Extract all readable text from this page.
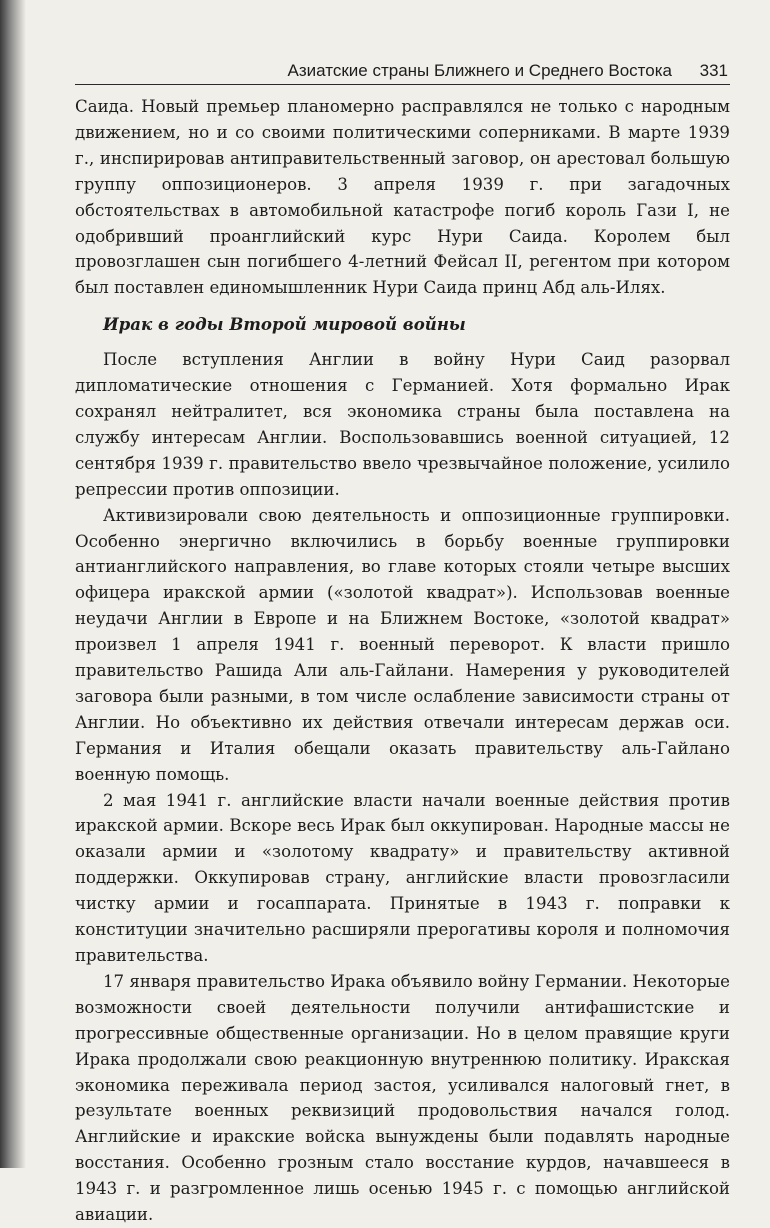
Азиатские страны Ближнего и Среднего Востока 331

Саида. Новый премьер планомерно расправлялся не только с народным движением, но и со своими политическими соперниками. В марте 1939 г., инспирировав антиправительственный заговор, он арестовал большую группу оппозиционеров. 3 апреля 1939 г. при загадочных обстоятельствах в автомобильной катастрофе погиб король Гази I, не одобривший проанглийский курс Нури Саида. Королем был провозглашен сын погибшего 4-летний Фейсал II, регентом при котором был поставлен единомышленник Нури Саида принц Абд аль-Илях.

Ирак в годы Второй мировой войны

После вступления Англии в войну Нури Саид разорвал дипломатические отношения с Германией. Хотя формально Ирак сохранял нейтралитет, вся экономика страны была поставлена на службу интересам Англии. Воспользовавшись военной ситуацией, 12 сентября 1939 г. правительство ввело чрезвычайное положение, усилило репрессии против оппозиции.

Активизировали свою деятельность и оппозиционные группировки. Особенно энергично включились в борьбу военные группировки антианглийского направления, во главе которых стояли четыре высших офицера иракской армии («золотой квадрат»). Использовав военные неудачи Англии в Европе и на Ближнем Востоке, «золотой квадрат» произвел 1 апреля 1941 г. военный переворот. К власти пришло правительство Рашида Али аль-Гайлани. Намерения у руководителей заговора были разными, в том числе ослабление зависимости страны от Англии. Но объективно их действия отвечали интересам держав оси. Германия и Италия обещали оказать правительству аль-Гайлано военную помощь.

2 мая 1941 г. английские власти начали военные действия против иракской армии. Вскоре весь Ирак был оккупирован. Народные массы не оказали армии и «золотому квадрату» и правительству активной поддержки. Оккупировав страну, английские власти провозгласили чистку армии и госаппарата. Принятые в 1943 г. поправки к конституции значительно расширяли прерогативы короля и полномочия правительства.

17 января правительство Ирака объявило войну Германии. Некоторые возможности своей деятельности получили антифашистские и прогрессивные общественные организации. Но в целом правящие круги Ирака продолжали свою реакционную внутреннюю политику. Иракская экономика переживала период застоя, усиливался налоговый гнет, в результате военных реквизиций продовольствия начался голод. Английские и иракские войска вынуждены были подавлять народные восстания. Особенно грозным стало восстание курдов, начавшееся в 1943 г. и разгромленное лишь осенью 1945 г. с помощью английской авиации.
